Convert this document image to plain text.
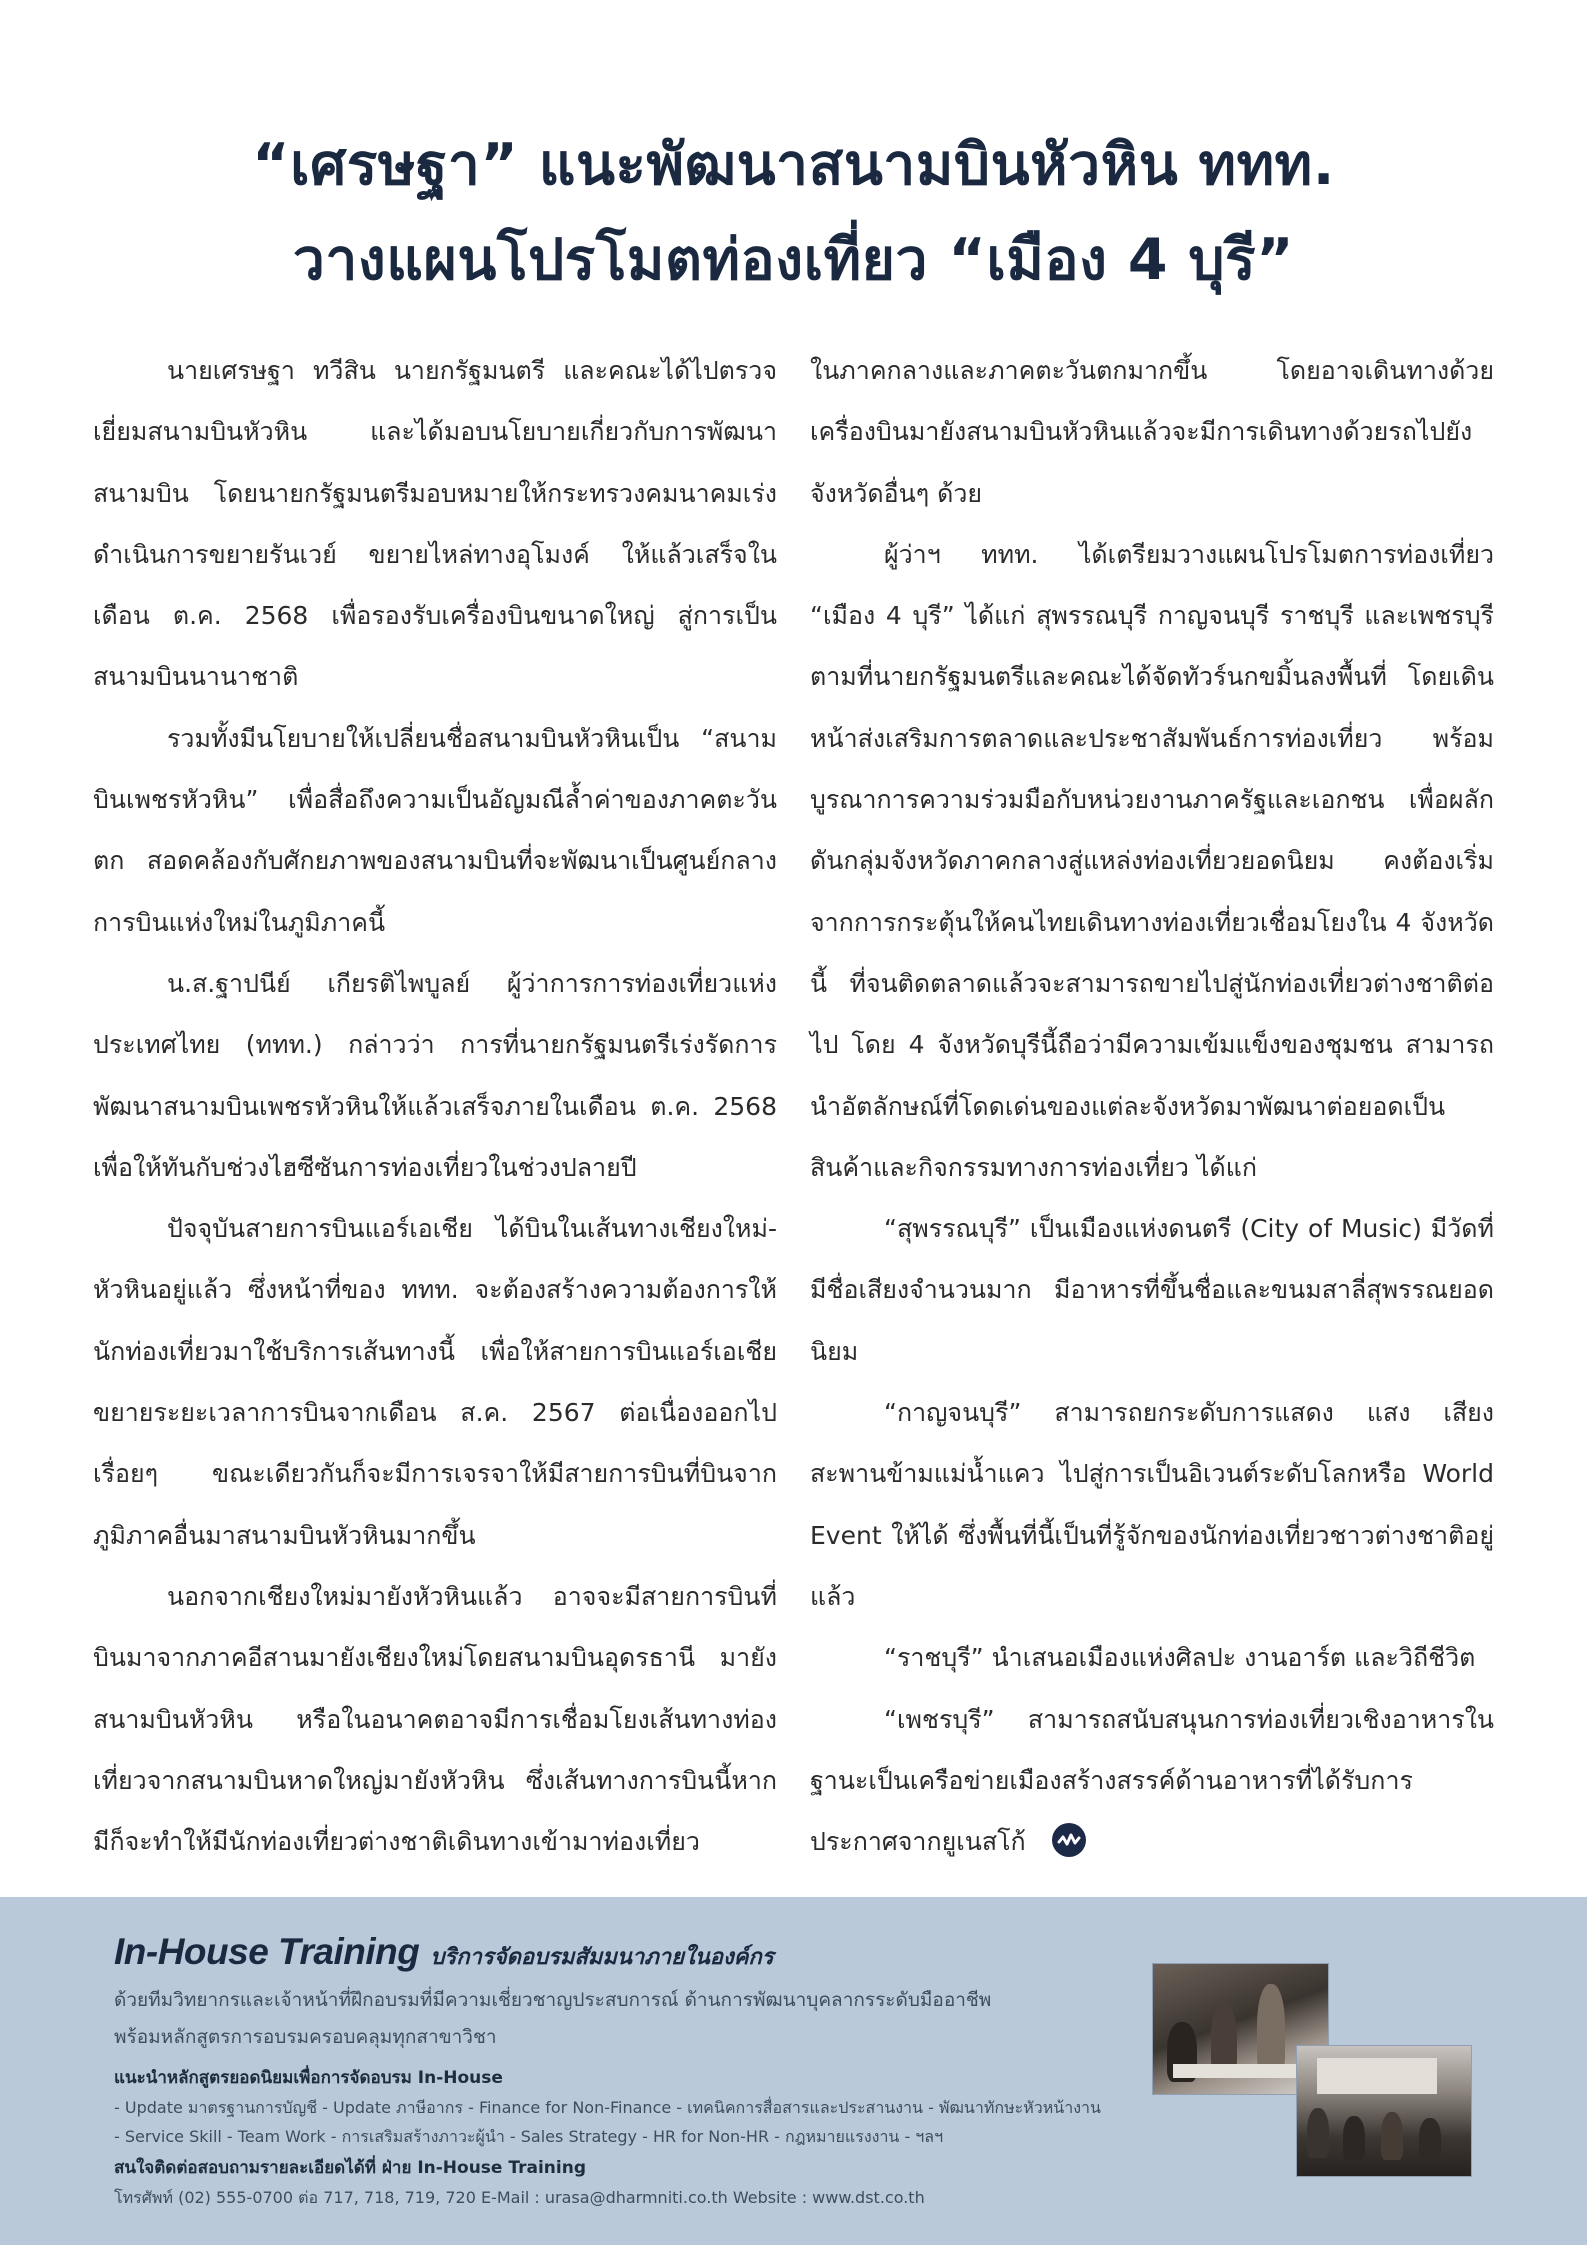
“เศรษฐา” แนะพัฒนาสนามบินหัวหิน ททท.
วางแผนโปรโมตท่องเที่ยว “เมือง 4 บุรี”

นายเศรษฐา ทวีสิน นายกรัฐมนตรี และคณะได้ไปตรวจเยี่ยมสนามบินหัวหิน และได้มอบนโยบายเกี่ยวกับการพัฒนาสนามบิน โดยนายกรัฐมนตรีมอบหมายให้กระทรวงคมนาคมเร่งดำเนินการขยายรันเวย์ ขยายไหล่ทางอุโมงค์ ให้แล้วเสร็จในเดือน ต.ค. 2568 เพื่อรองรับเครื่องบินขนาดใหญ่ สู่การเป็นสนามบินนานาชาติ

รวมทั้งมีนโยบายให้เปลี่ยนชื่อสนามบินหัวหินเป็น “สนามบินเพชรหัวหิน” เพื่อสื่อถึงความเป็นอัญมณีล้ำค่าของภาคตะวันตก สอดคล้องกับศักยภาพของสนามบินที่จะพัฒนาเป็นศูนย์กลางการบินแห่งใหม่ในภูมิภาคนี้

น.ส.ฐาปนีย์ เกียรติไพบูลย์ ผู้ว่าการการท่องเที่ยวแห่งประเทศไทย (ททท.) กล่าวว่า การที่นายกรัฐมนตรีเร่งรัดการพัฒนาสนามบินเพชรหัวหินให้แล้วเสร็จภายในเดือน ต.ค. 2568 เพื่อให้ทันกับช่วงไฮซีซันการท่องเที่ยวในช่วงปลายปี

ปัจจุบันสายการบินแอร์เอเชีย ได้บินในเส้นทางเชียงใหม่-หัวหินอยู่แล้ว ซึ่งหน้าที่ของ ททท. จะต้องสร้างความต้องการให้นักท่องเที่ยวมาใช้บริการเส้นทางนี้ เพื่อให้สายการบินแอร์เอเชียขยายระยะเวลาการบินจากเดือน ส.ค. 2567 ต่อเนื่องออกไปเรื่อยๆ ขณะเดียวกันก็จะมีการเจรจาให้มีสายการบินที่บินจากภูมิภาคอื่นมาสนามบินหัวหินมากขึ้น

นอกจากเชียงใหม่มายังหัวหินแล้ว อาจจะมีสายการบินที่บินมาจากภาคอีสานมายังเชียงใหม่โดยสนามบินอุดรธานี มายังสนามบินหัวหิน หรือในอนาคตอาจมีการเชื่อมโยงเส้นทางท่องเที่ยวจากสนามบินหาดใหญ่มายังหัวหิน ซึ่งเส้นทางการบินนี้หากมีก็จะทำให้มีนักท่องเที่ยวต่างชาติเดินทางเข้ามาท่องเที่ยว

ในภาคกลางและภาคตะวันตกมากขึ้น โดยอาจเดินทางด้วยเครื่องบินมายังสนามบินหัวหินแล้วจะมีการเดินทางด้วยรถไปยังจังหวัดอื่นๆ ด้วย

ผู้ว่าฯ ททท. ได้เตรียมวางแผนโปรโมตการท่องเที่ยว “เมือง 4 บุรี” ได้แก่ สุพรรณบุรี กาญจนบุรี ราชบุรี และเพชรบุรี ตามที่นายกรัฐมนตรีและคณะได้จัดทัวร์นกขมิ้นลงพื้นที่ โดยเดินหน้าส่งเสริมการตลาดและประชาสัมพันธ์การท่องเที่ยว พร้อมบูรณาการความร่วมมือกับหน่วยงานภาครัฐและเอกชน เพื่อผลักดันกลุ่มจังหวัดภาคกลางสู่แหล่งท่องเที่ยวยอดนิยม คงต้องเริ่มจากการกระตุ้นให้คนไทยเดินทางท่องเที่ยวเชื่อมโยงใน 4 จังหวัดนี้ ที่จนติดตลาดแล้วจะสามารถขายไปสู่นักท่องเที่ยวต่างชาติต่อไป โดย 4 จังหวัดบุรีนี้ถือว่ามีความเข้มแข็งของชุมชน สามารถนำอัตลักษณ์ที่โดดเด่นของแต่ละจังหวัดมาพัฒนาต่อยอดเป็นสินค้าและกิจกรรมทางการท่องเที่ยว ได้แก่

“สุพรรณบุรี” เป็นเมืองแห่งดนตรี (City of Music) มีวัดที่มีชื่อเสียงจำนวนมาก มีอาหารที่ขึ้นชื่อและขนมสาลี่สุพรรณยอดนิยม

“กาญจนบุรี” สามารถยกระดับการแสดง แสง เสียง สะพานข้ามแม่น้ำแคว ไปสู่การเป็นอิเวนต์ระดับโลกหรือ World Event ให้ได้ ซึ่งพื้นที่นี้เป็นที่รู้จักของนักท่องเที่ยวชาวต่างชาติอยู่แล้ว

“ราชบุรี” นำเสนอเมืองแห่งศิลปะ งานอาร์ต และวิถีชีวิต

“เพชรบุรี” สามารถสนับสนุนการท่องเที่ยวเชิงอาหารในฐานะเป็นเครือข่ายเมืองสร้างสรรค์ด้านอาหารที่ได้รับการประกาศจากยูเนสโก้

In-House Training บริการจัดอบรมสัมมนาภายในองค์กร
ด้วยทีมวิทยากรและเจ้าหน้าที่ฝึกอบรมที่มีความเชี่ยวชาญประสบการณ์ ด้านการพัฒนาบุคลากรระดับมืออาชีพ
พร้อมหลักสูตรการอบรมครอบคลุมทุกสาขาวิชา
แนะนำหลักสูตรยอดนิยมเพื่อการจัดอบรม In-House
- Update มาตรฐานการบัญชี - Update ภาษีอากร - Finance for Non-Finance - เทคนิคการสื่อสารและประสานงาน - พัฒนาทักษะหัวหน้างาน
- Service Skill - Team Work - การเสริมสร้างภาวะผู้นำ - Sales Strategy - HR for Non-HR - กฎหมายแรงงาน - ฯลฯ
สนใจติดต่อสอบถามรายละเอียดได้ที่ ฝ่าย In-House Training
โทรศัพท์ (02) 555-0700 ต่อ 717, 718, 719, 720 E-Mail : urasa@dharmniti.co.th Website : www.dst.co.th
